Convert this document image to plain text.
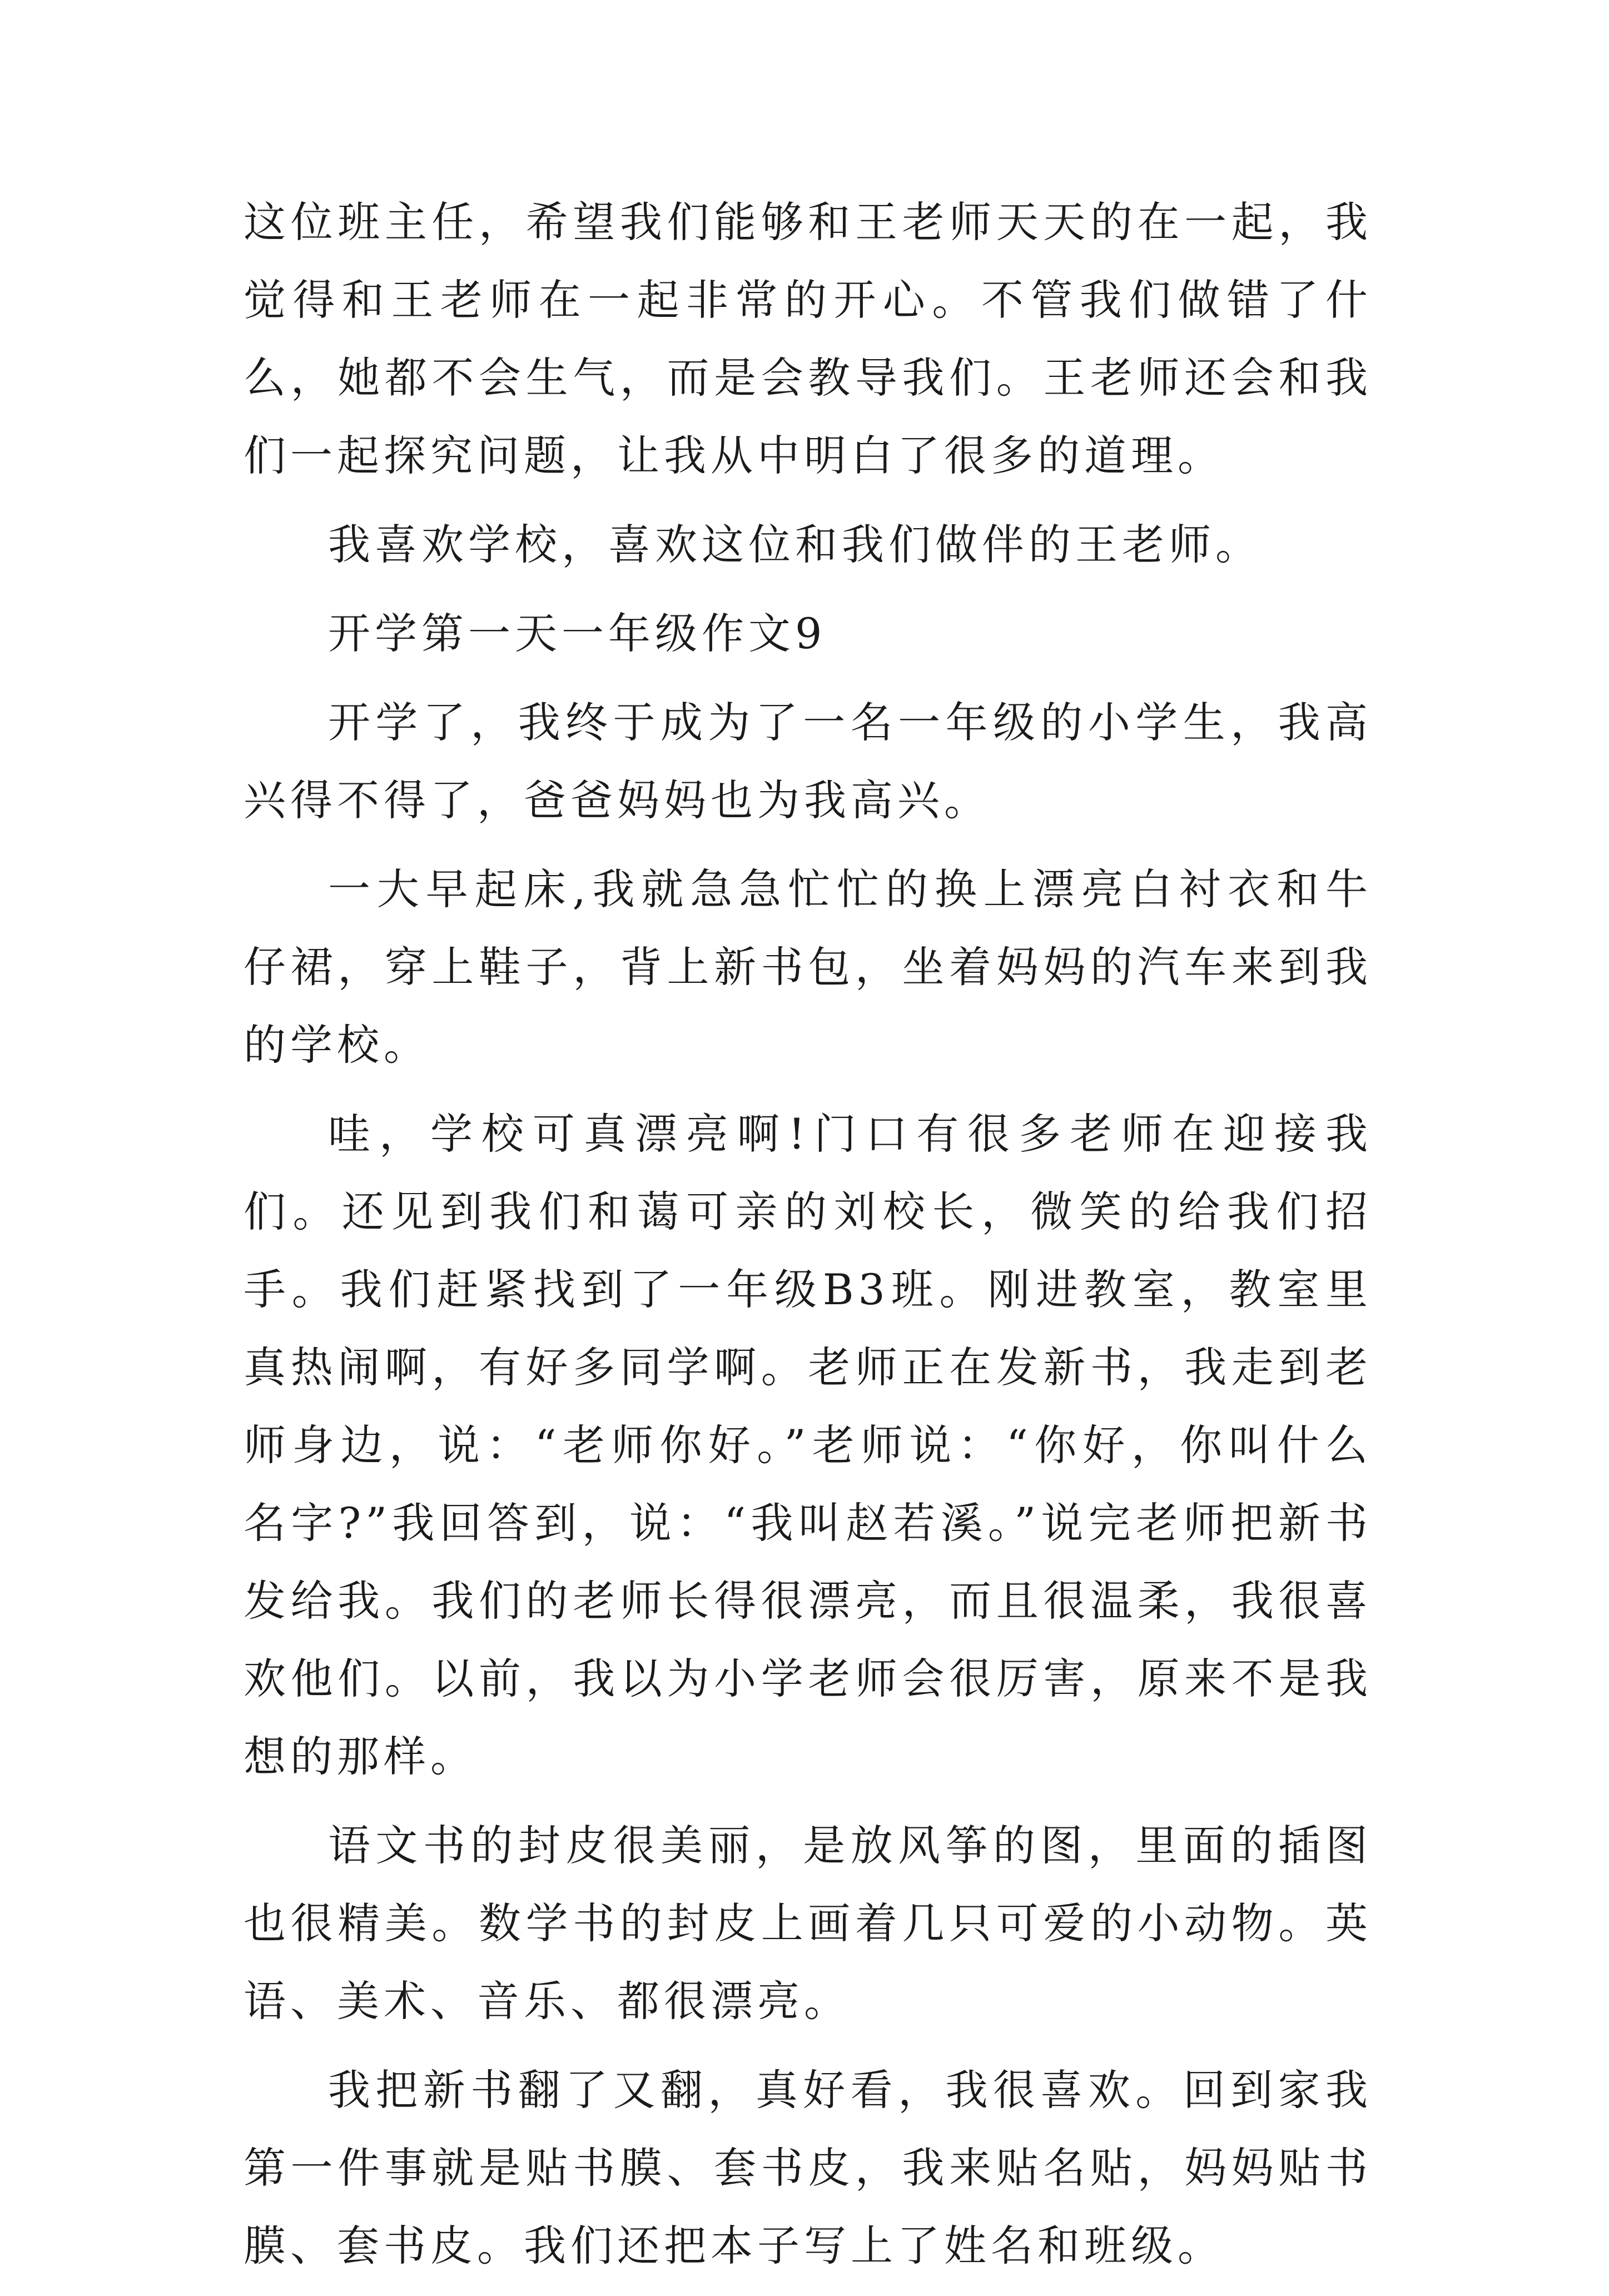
这位班主任，希望我们能够和王老师天天的在一起，我觉得和王老师在一起非常的开心。不管我们做错了什么，她都不会生气，而是会教导我们。王老师还会和我们一起探究问题，让我从中明白了很多的道理。

我喜欢学校，喜欢这位和我们做伴的王老师。

开学第一天一年级作文9

开学了，我终于成为了一名一年级的小学生，我高兴得不得了，爸爸妈妈也为我高兴。

一大早起床,我就急急忙忙的换上漂亮白衬衣和牛仔裙，穿上鞋子，背上新书包，坐着妈妈的汽车来到我的学校。

哇，学校可真漂亮啊!门口有很多老师在迎接我们。还见到我们和蔼可亲的刘校长，微笑的给我们招手。我们赶紧找到了一年级B3班。刚进教室，教室里真热闹啊，有好多同学啊。老师正在发新书，我走到老师身边，说：“老师你好。”老师说：“你好，你叫什么名字?”我回答到，说：“我叫赵若溪。”说完老师把新书发给我。我们的老师长得很漂亮，而且很温柔，我很喜欢他们。以前，我以为小学老师会很厉害，原来不是我想的那样。

语文书的封皮很美丽，是放风筝的图，里面的插图也很精美。数学书的封皮上画着几只可爱的小动物。英语、美术、音乐、都很漂亮。

我把新书翻了又翻，真好看，我很喜欢。回到家我第一件事就是贴书膜、套书皮，我来贴名贴，妈妈贴书膜、套书皮。我们还把本子写上了姓名和班级。
